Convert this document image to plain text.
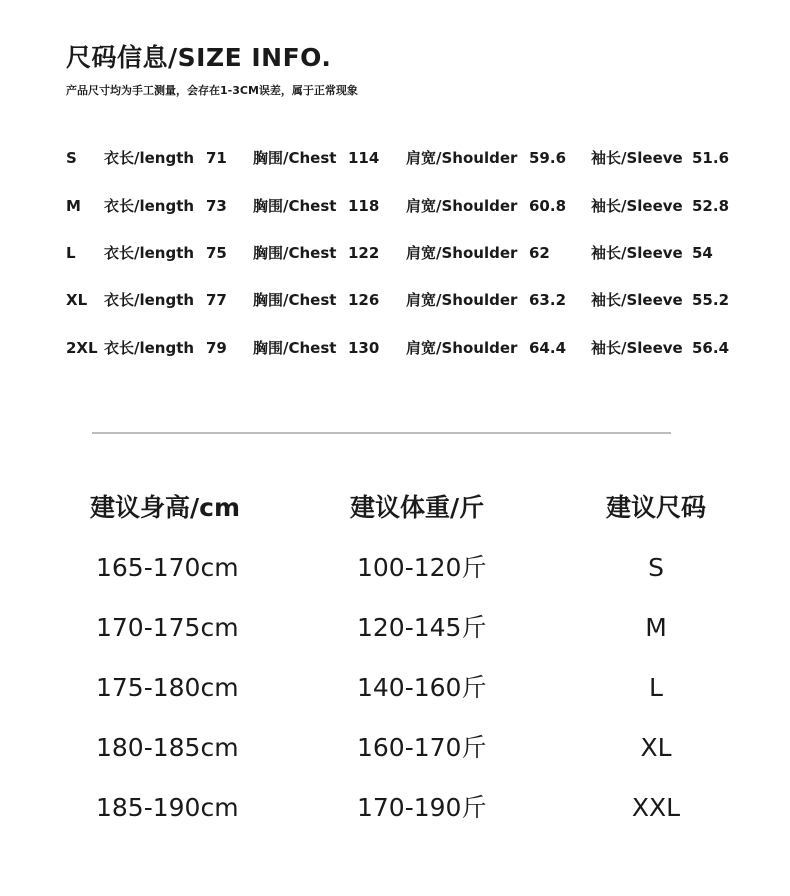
尺码信息/SIZE INFO.
产品尺寸均为手工测量，会存在1-3CM误差，属于正常现象
S 衣长/length 71 胸围/Chest 114 肩宽/Shoulder 59.6 袖长/Sleeve 51.6
M 衣长/length 73 胸围/Chest 118 肩宽/Shoulder 60.8 袖长/Sleeve 52.8
L 衣长/length 75 胸围/Chest 122 肩宽/Shoulder 62	袖长/Sleeve 54
XL 衣长/length 77 胸围/Chest 126 肩宽/Shoulder 63.2 袖长/Sleeve 55.2
2XL 衣长/length 79 胸围/Chest 130 肩宽/Shoulder 64.4 袖长/Sleeve 56.4
建议身高/cm	建议体重/斤	建议尺码
165-170cm	100-120斤	S
170-175cm	120-145斤	M
175-180cm	140-160斤	L
180-185cm	160-170斤	XL
185-190cm	170-190斤	XXL
